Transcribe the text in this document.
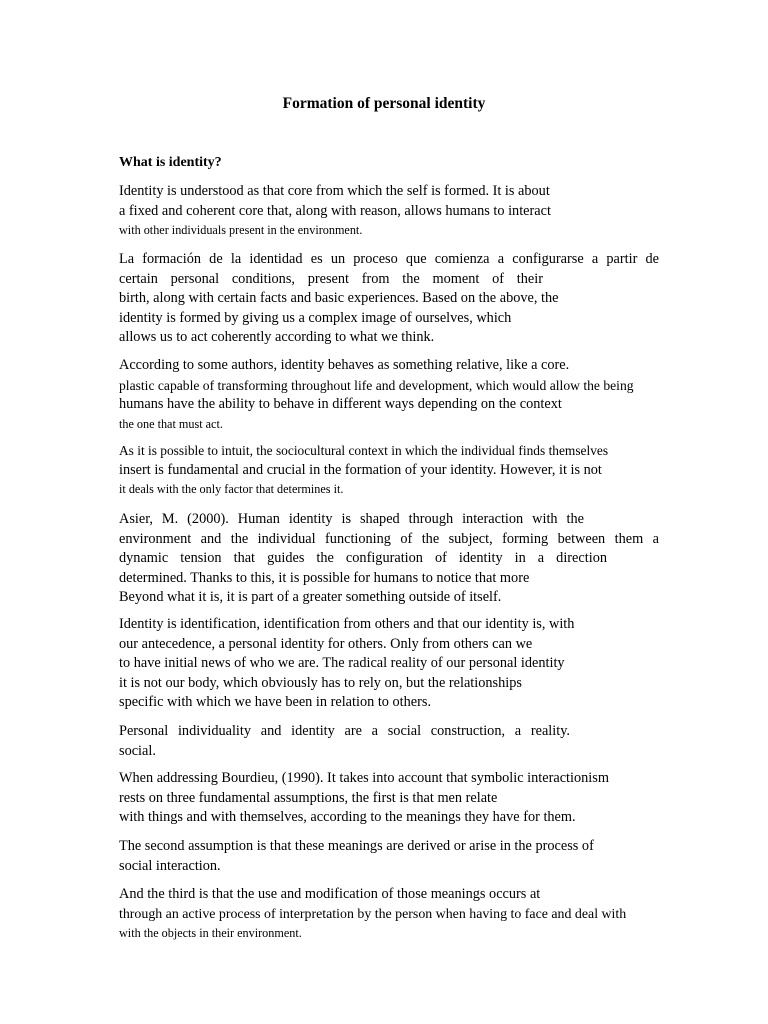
Formation of personal identity
What is identity?
Identity is understood as that core from which the self is formed. It is about
a fixed and coherent core that, along with reason, allows humans to interact
with other individuals present in the environment.
La formación de la identidad es un proceso que comienza a configurarse a partir de
certain personal conditions, present from the moment of their
birth, along with certain facts and basic experiences. Based on the above, the
identity is formed by giving us a complex image of ourselves, which
allows us to act coherently according to what we think.
According to some authors, identity behaves as something relative, like a core.
plastic capable of transforming throughout life and development, which would allow the being
humans have the ability to behave in different ways depending on the context
the one that must act.
As it is possible to intuit, the sociocultural context in which the individual finds themselves
insert is fundamental and crucial in the formation of your identity. However, it is not
it deals with the only factor that determines it.
Asier, M. (2000). Human identity is shaped through interaction with the
environment and the individual functioning of the subject, forming between them a
dynamic tension that guides the configuration of identity in a direction
determined. Thanks to this, it is possible for humans to notice that more
Beyond what it is, it is part of a greater something outside of itself.
Identity is identification, identification from others and that our identity is, with
our antecedence, a personal identity for others. Only from others can we
to have initial news of who we are. The radical reality of our personal identity
it is not our body, which obviously has to rely on, but the relationships
specific with which we have been in relation to others.
Personal individuality and identity are a social construction, a reality.
social.
When addressing Bourdieu, (1990). It takes into account that symbolic interactionism
rests on three fundamental assumptions, the first is that men relate
with things and with themselves, according to the meanings they have for them.
The second assumption is that these meanings are derived or arise in the process of
social interaction.
And the third is that the use and modification of those meanings occurs at
through an active process of interpretation by the person when having to face and deal with
with the objects in their environment.
